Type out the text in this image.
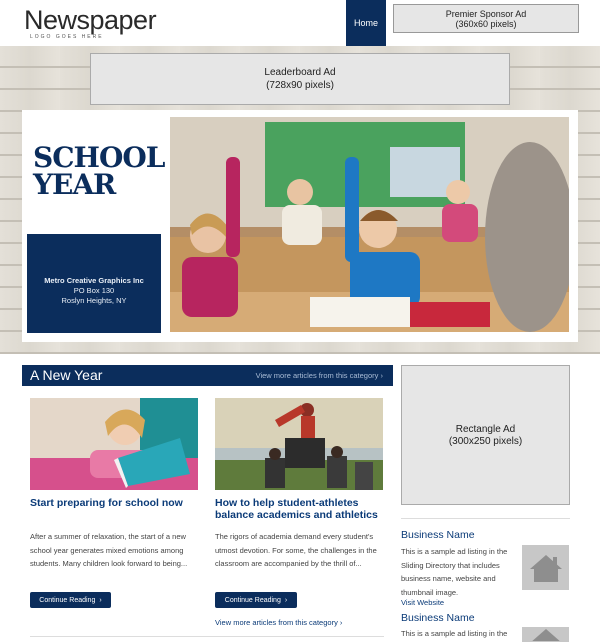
Newspaper
LOGO GOES HERE
Home
Premier Sponsor Ad
(360x60 pixels)
Leaderboard Ad
(728x90 pixels)
SCHOOL
YEAR
Metro Creative Graphics Inc
PO Box 130
Roslyn Heights, NY
A New Year	View more articles from this category ›
Start preparing for school now
After a summer of relaxation, the start of a new school year generates mixed emotions among students. Many children look forward to being...
Continue Reading ›
How to help student-athletes balance academics and athletics
The rigors of academia demand every student's utmost devotion. For some, the challenges in the classroom are accompanied by the thrill of...
Continue Reading ›
View more articles from this category ›
Rectangle Ad
(300x250 pixels)
Business Name
This is a sample ad listing in the Sliding Directory that includes business name, website and thumbnail image.
Visit Website
Business Name
This is a sample ad listing in the
